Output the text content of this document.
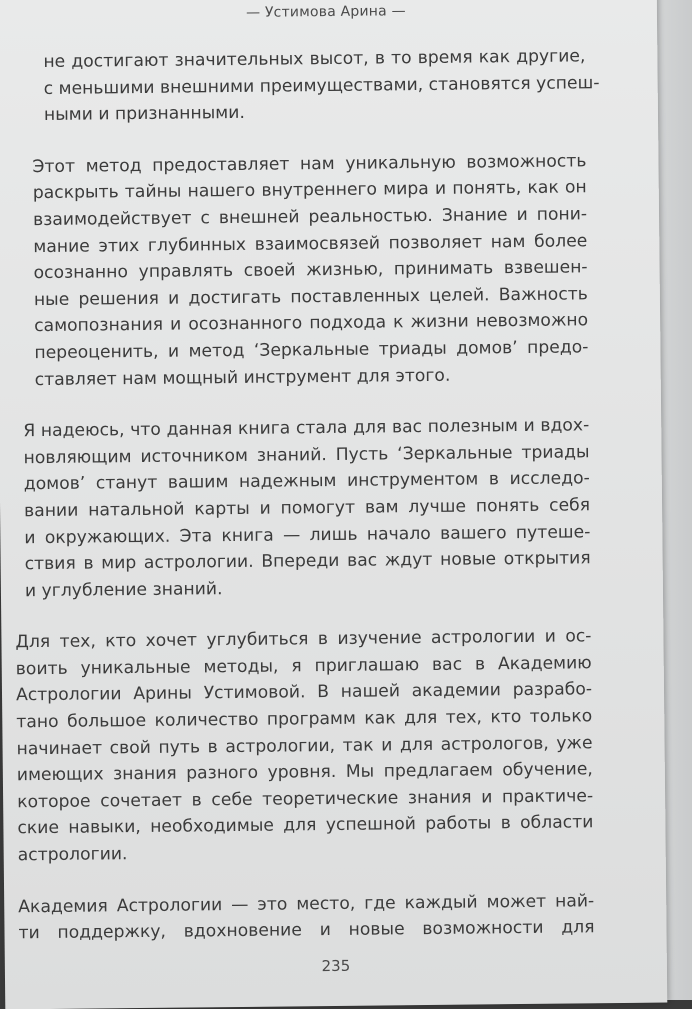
— Устимова Арина —
не достигают значительных высот, в то время как другие,
с меньшими внешними преимуществами, становятся успеш-
ными и признанными.
Этот метод предоставляет нам уникальную возможность
раскрыть тайны нашего внутреннего мира и понять, как он
взаимодействует с внешней реальностью. Знание и пони-
мание этих глубинных взаимосвязей позволяет нам более
осознанно управлять своей жизнью, принимать взвешен-
ные решения и достигать поставленных целей. Важность
самопознания и осознанного подхода к жизни невозможно
переоценить, и метод ‘Зеркальные триады домов’ предо-
ставляет нам мощный инструмент для этого.
Я надеюсь, что данная книга стала для вас полезным и вдох-
новляющим источником знаний. Пусть ‘Зеркальные триады
домов’ станут вашим надежным инструментом в исследо-
вании натальной карты и помогут вам лучше понять себя
и окружающих. Эта книга — лишь начало вашего путеше-
ствия в мир астрологии. Впереди вас ждут новые открытия
и углубление знаний.
Для тех, кто хочет углубиться в изучение астрологии и ос-
воить уникальные методы, я приглашаю вас в Академию
Астрологии Арины Устимовой. В нашей академии разрабо-
тано большое количество программ как для тех, кто только
начинает свой путь в астрологии, так и для астрологов, уже
имеющих знания разного уровня. Мы предлагаем обучение,
которое сочетает в себе теоретические знания и практиче-
ские навыки, необходимые для успешной работы в области
астрологии.
Академия Астрологии — это место, где каждый может най-
ти поддержку, вдохновение и новые возможности для
235
